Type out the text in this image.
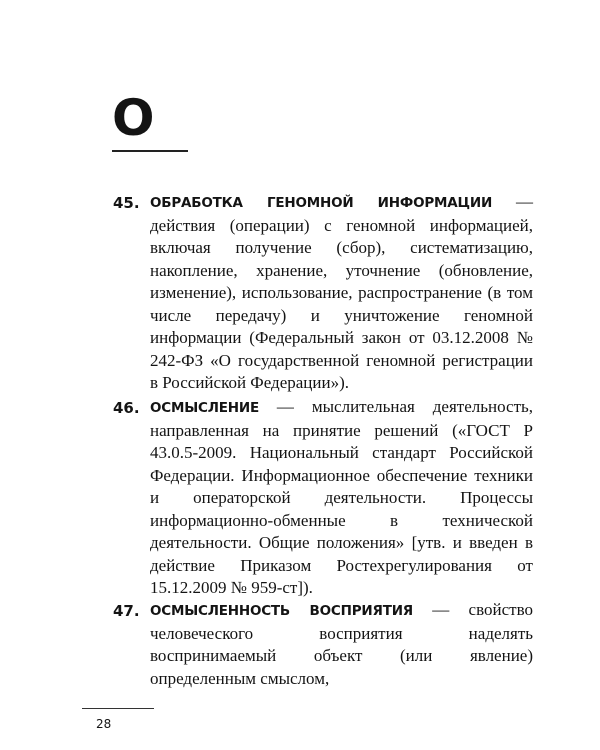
О
45. ОБРАБОТКА ГЕНОМНОЙ ИНФОРМАЦИИ — действия (операции) с геномной информацией, включая получение (сбор), систематизацию, накопление, хранение, уточнение (обновление, изменение), использование, распространение (в том числе передачу) и уничтожение геномной информации (Федеральный закон от 03.12.2008 № 242-ФЗ «О государственной геномной регистрации в Российской Федерации»).
46. ОСМЫСЛЕНИЕ — мыслительная деятельность, направленная на принятие решений («ГОСТ Р 43.0.5-2009. Национальный стандарт Российской Федерации. Информационное обеспечение техники и операторской деятельности. Процессы информационно-обменные в технической деятельности. Общие положения» [утв. и введен в действие Приказом Ростехрегулирования от 15.12.2009 № 959-ст]).
47. ОСМЫСЛЕННОСТЬ ВОСПРИЯТИЯ — свойство человеческого восприятия наделять воспринимаемый объект (или явление) определенным смыслом,
28
